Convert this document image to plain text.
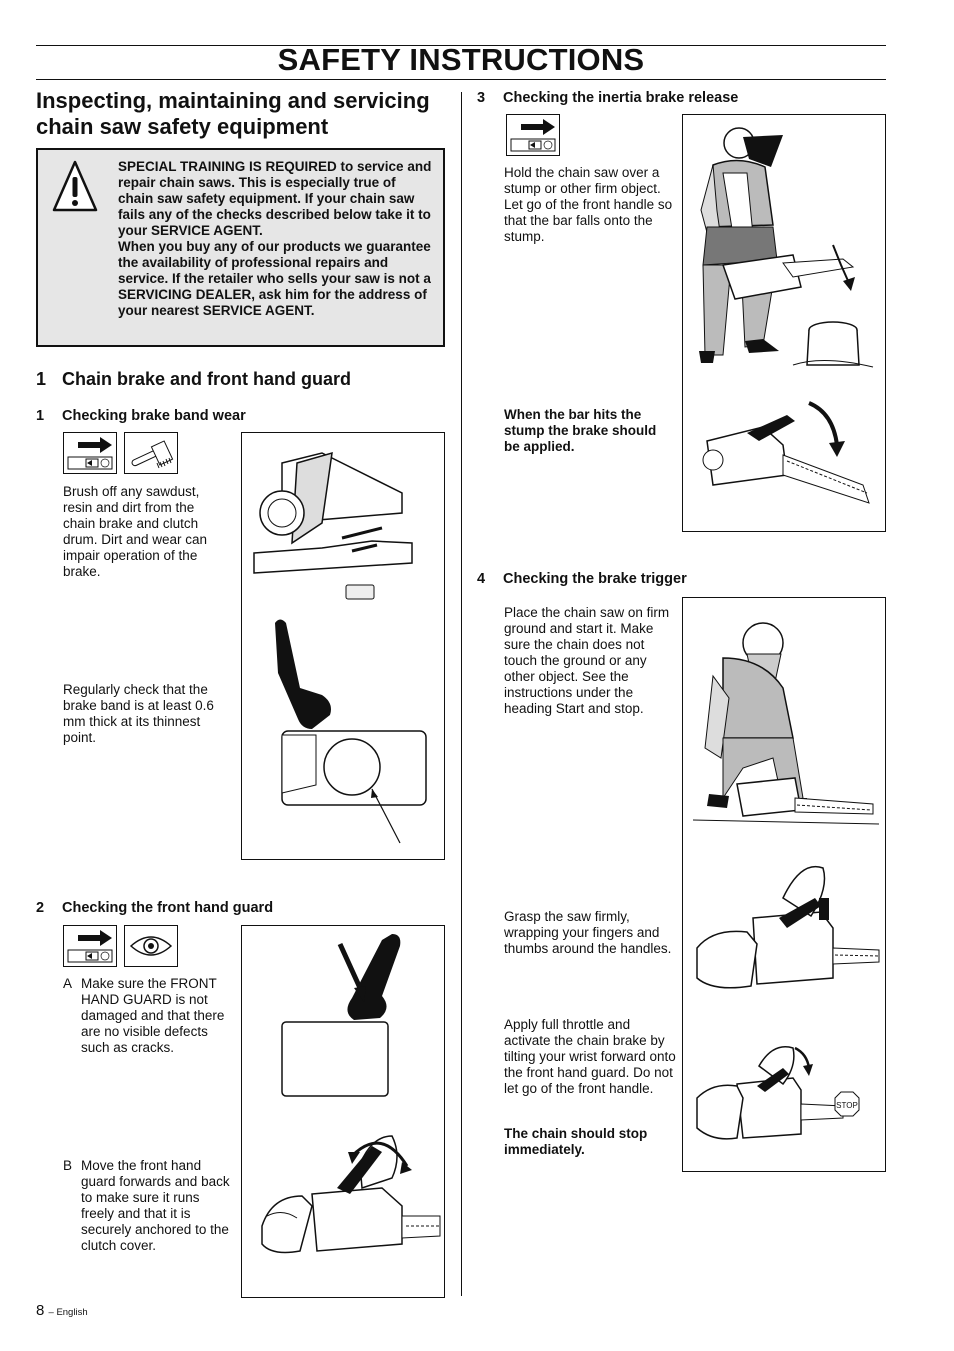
SAFETY INSTRUCTIONS
Inspecting, maintaining and servicing chain saw safety equipment
SPECIAL TRAINING IS REQUIRED to service and repair chain saws. This is especially true of chain saw safety equipment. If your chain saw fails any of the checks described below take it to your SERVICE AGENT.
When you buy any of our products we guarantee the availability of professional repairs and service. If the retailer who sells your saw is not a SERVICING DEALER, ask him for the address of your nearest SERVICE AGENT.
1 Chain brake and front hand guard
1 Checking brake band wear
Brush off any sawdust, resin and dirt from the chain brake and clutch drum. Dirt and wear can impair operation of the brake.
Regularly check that the brake band is at least 0.6 mm thick at its thinnest point.
2 Checking the front hand guard
A Make sure the FRONT HAND GUARD is not damaged and that there are no visible defects such as cracks.
B Move the front hand guard forwards and back to make sure it runs freely and that it is securely anchored to the clutch cover.
8 – English
3 Checking the inertia brake release
Hold the chain saw over a stump or other firm object. Let go of the front handle so that the bar falls onto the stump.
When the bar hits the stump the brake should be applied.
4 Checking the brake trigger
Place the chain saw on firm ground and start it. Make sure the chain does not touch the ground or any other object. See the instructions under the heading Start and stop.
Grasp the saw firmly, wrapping your fingers and thumbs around the handles.
Apply full throttle and activate the chain brake by tilting your wrist forward onto the front hand guard. Do not let go of the front handle.
The chain should stop immediately.
STOP
